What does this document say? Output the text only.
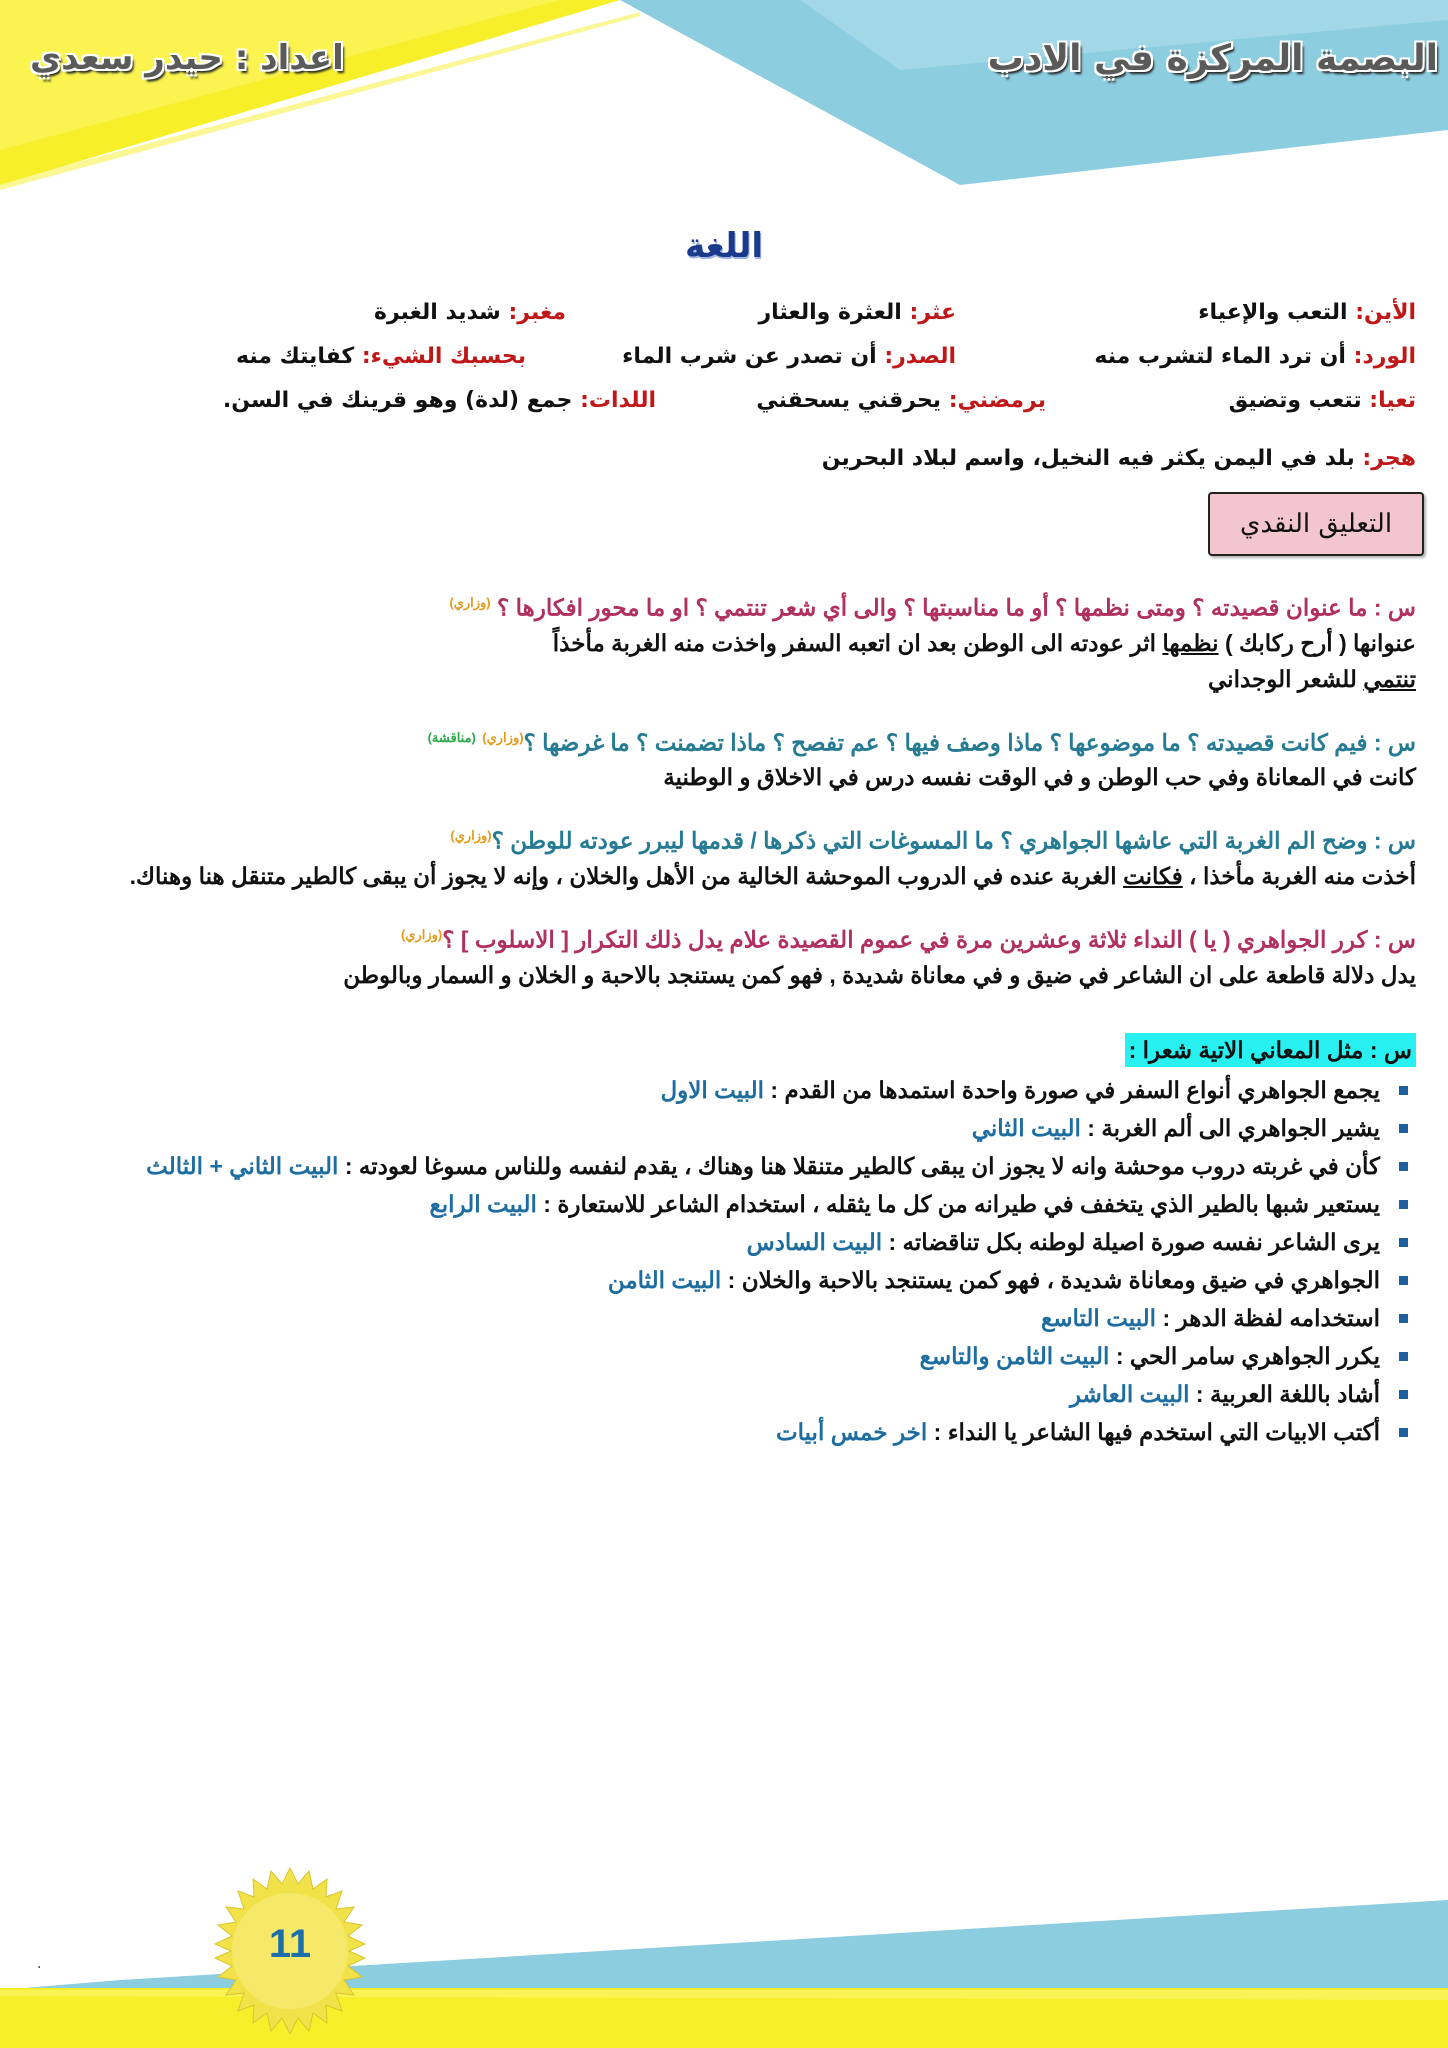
البصمة المركزة في الادب
اعداد : حيدر سعدي
اللغة
الأين: التعب والإعياء
عثر: العثرة والعثار
مغبر: شديد الغبرة
الورد: أن ترد الماء لتشرب منه
الصدر: أن تصدر عن شرب الماء
بحسبك الشيء: كفايتك منه
تعيا: تتعب وتضيق
يرمضني: يحرقني يسحقني
اللدات: جمع (لدة) وهو قرينك في السن.
هجر: بلد في اليمن يكثر فيه النخيل، واسم لبلاد البحرين
التعليق النقدي
س : ما عنوان قصيدته ؟ ومتى نظمها ؟ أو ما مناسبتها ؟ والى أي شعر تنتمي ؟ او ما محور افكارها ؟ $^{(وزاري)}$
عنوانها ( أرح ركابك ) نظمها اثر عودته الى الوطن بعد ان اتعبه السفر واخذت منه الغربة مأخذاً
تنتمي للشعر الوجداني
س : فيم كانت قصيدته ؟ ما موضوعها ؟ ماذا وصف فيها ؟ عم تفصح ؟ ماذا تضمنت ؟ ما غرضها ؟$^{(وزاري)}$ $^{(مناقشة)}$
كانت في المعاناة وفي حب الوطن و في الوقت نفسه درس في الاخلاق و الوطنية
س : وضح الم الغربة التي عاشها الجواهري ؟ ما المسوغات التي ذكرها / قدمها ليبرر عودته للوطن ؟$^{(وزاري)}$
أخذت منه الغربة مأخذا ، فكانت الغربة عنده في الدروب الموحشة الخالية من الأهل والخلان ، وإنه لا يجوز أن يبقى كالطير متنقل هنا وهناك.
س : كرر الجواهري ( يا ) النداء ثلاثة وعشرين مرة في عموم القصيدة علام يدل ذلك التكرار [ الاسلوب ] ؟$^{(وزاري)}$
يدل دلالة قاطعة على ان الشاعر في ضيق و في معاناة شديدة , فهو كمن يستنجد بالاحبة و الخلان و السمار وبالوطن
س : مثل المعاني الاتية شعرا :
يجمع الجواهري أنواع السفر في صورة واحدة استمدها من القدم : البيت الاول
يشير الجواهري الى ألم الغربة : البيت الثاني
كأن في غربته دروب موحشة وانه لا يجوز ان يبقى كالطير متنقلا هنا وهناك ، يقدم لنفسه وللناس مسوغا لعودته : البيت الثاني + الثالث
يستعير شبها بالطير الذي يتخفف في طيرانه من كل ما يثقله ، استخدام الشاعر للاستعارة : البيت الرابع
يرى الشاعر نفسه صورة اصيلة لوطنه بكل تناقضاته : البيت السادس
الجواهري في ضيق ومعاناة شديدة ، فهو كمن يستنجد بالاحبة والخلان : البيت الثامن
استخدامه لفظة الدهر : البيت التاسع
يكرر الجواهري سامر الحي : البيت الثامن والتاسع
أشاد باللغة العربية : البيت العاشر
أكتب الابيات التي استخدم فيها الشاعر يا النداء : اخر خمس أبيات
11
.
